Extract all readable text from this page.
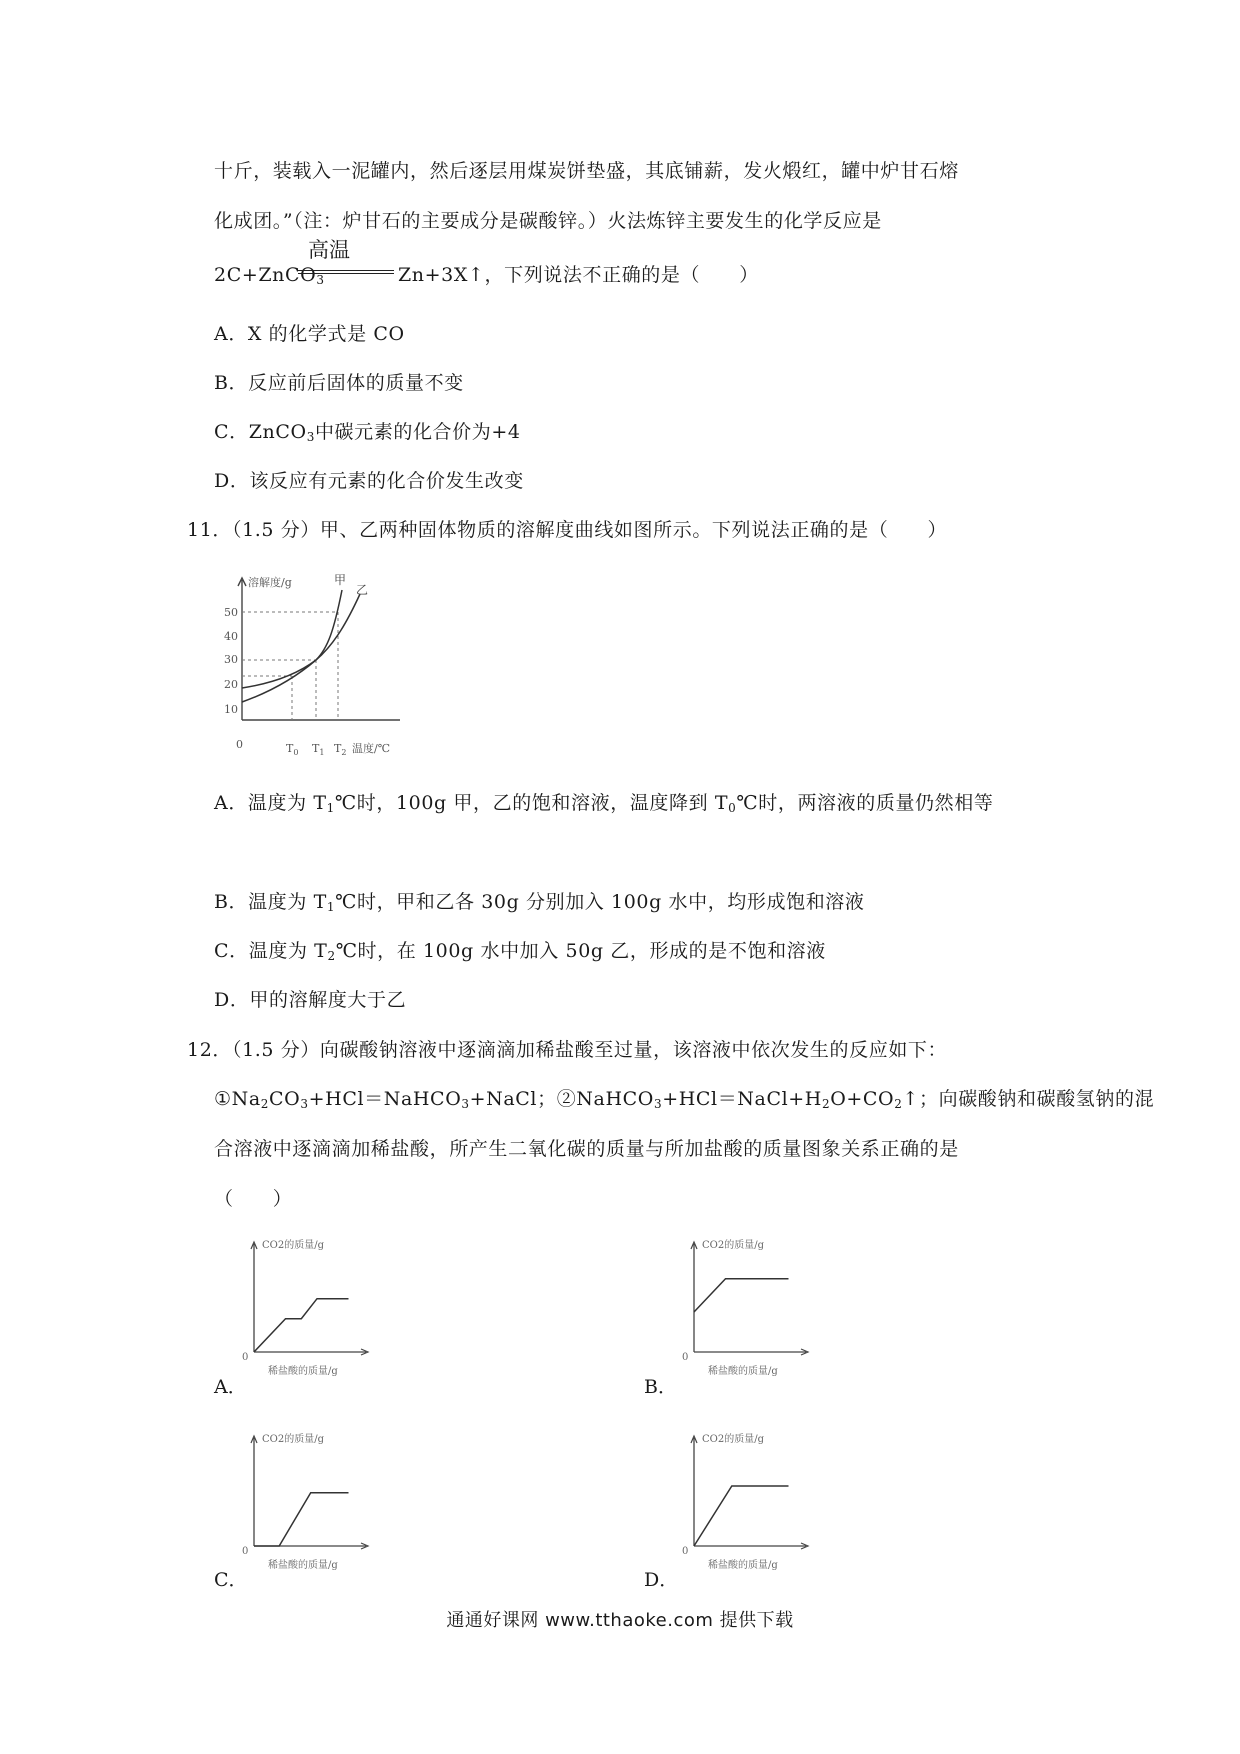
十斤，装载入一泥罐内，然后逐层用煤炭饼垫盛，其底铺薪，发火煅红，罐中炉甘石熔
化成团。”（注：炉甘石的主要成分是碳酸锌。）火法炼锌主要发生的化学反应是
2C+ZnCO$_3$
高温
Zn+3X↑，下列说法不正确的是（　　）
A．X 的化学式是 CO
B．反应前后固体的质量不变
C．ZnCO$_3$中碳元素的化合价为+4
D．该反应有元素的化合价发生改变
11．（1.5 分）甲、乙两种固体物质的溶解度曲线如图所示。下列说法正确的是（　　）
溶解度/g
温度/℃
0
50
40
30
20
10
$T_0$ $T_1$ $T_2$
甲
乙
A．温度为 $T_1℃$时，100g 甲，乙的饱和溶液，温度降到 $T_0℃$时，两溶液的质量仍然相等
B．温度为 $T_1℃$时，甲和乙各 30g 分别加入 100g 水中，均形成饱和溶液
C．温度为 $T_2℃$时，在 100g 水中加入 50g 乙，形成的是不饱和溶液
D．甲的溶解度大于乙
12．（1.5 分）向碳酸钠溶液中逐滴滴加稀盐酸至过量，该溶液中依次发生的反应如下：
$①Na_2CO_3+HCl=NaHCO_3+NaCl$；$②NaHCO_3+HCl=NaCl+H_2O+CO_2↑$；向碳酸钠和碳酸氢钠的混
合溶液中逐滴滴加稀盐酸，所产生二氧化碳的质量与所加盐酸的质量图象关系正确的是
（　　）
A．
CO2的质量/g
稀盐酸的质量/g
0
B．
CO2的质量/g
稀盐酸的质量/g
0
C．
CO2的质量/g
稀盐酸的质量/g
0
D．
CO2的质量/g
稀盐酸的质量/g
0
通通好课网 www.tthaoke.com 提供下载
